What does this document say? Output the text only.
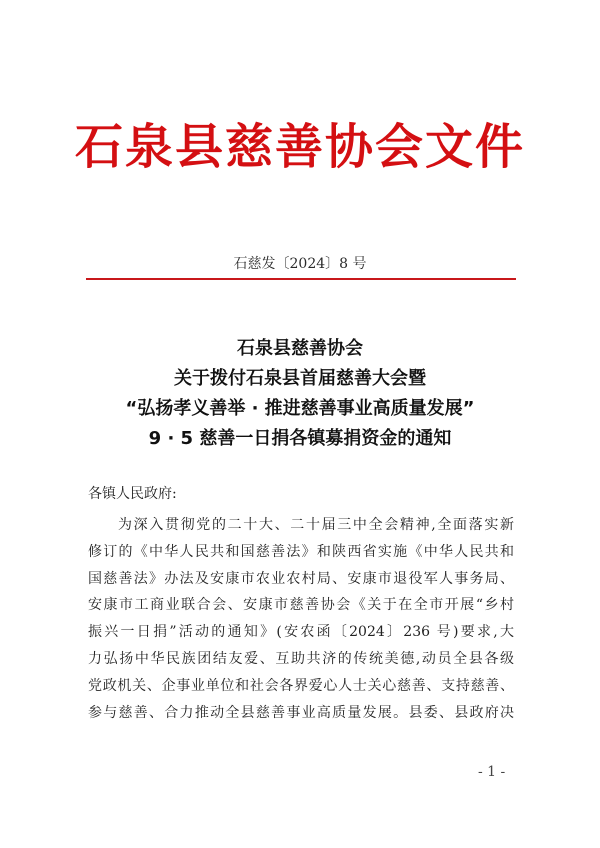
石泉县慈善协会文件
石慈发〔2024〕8 号
石泉县慈善协会
关于拨付石泉县首届慈善大会暨
“弘扬孝义善举 · 推进慈善事业高质量发展”
9 · 5 慈善一日捐各镇募捐资金的通知
各镇人民政府:
为深入贯彻党的二十大、二十届三中全会精神,全面落实新
修订的《中华人民共和国慈善法》和陕西省实施《中华人民共和
国慈善法》办法及安康市农业农村局、安康市退役军人事务局、
安康市工商业联合会、安康市慈善协会《关于在全市开展“乡村
振兴一日捐”活动的通知》(安农函〔2024〕236 号)要求,大
力弘扬中华民族团结友爱、互助共济的传统美德,动员全县各级
党政机关、企事业单位和社会各界爱心人士关心慈善、支持慈善、
参与慈善、合力推动全县慈善事业高质量发展。县委、县政府决
- 1 -
